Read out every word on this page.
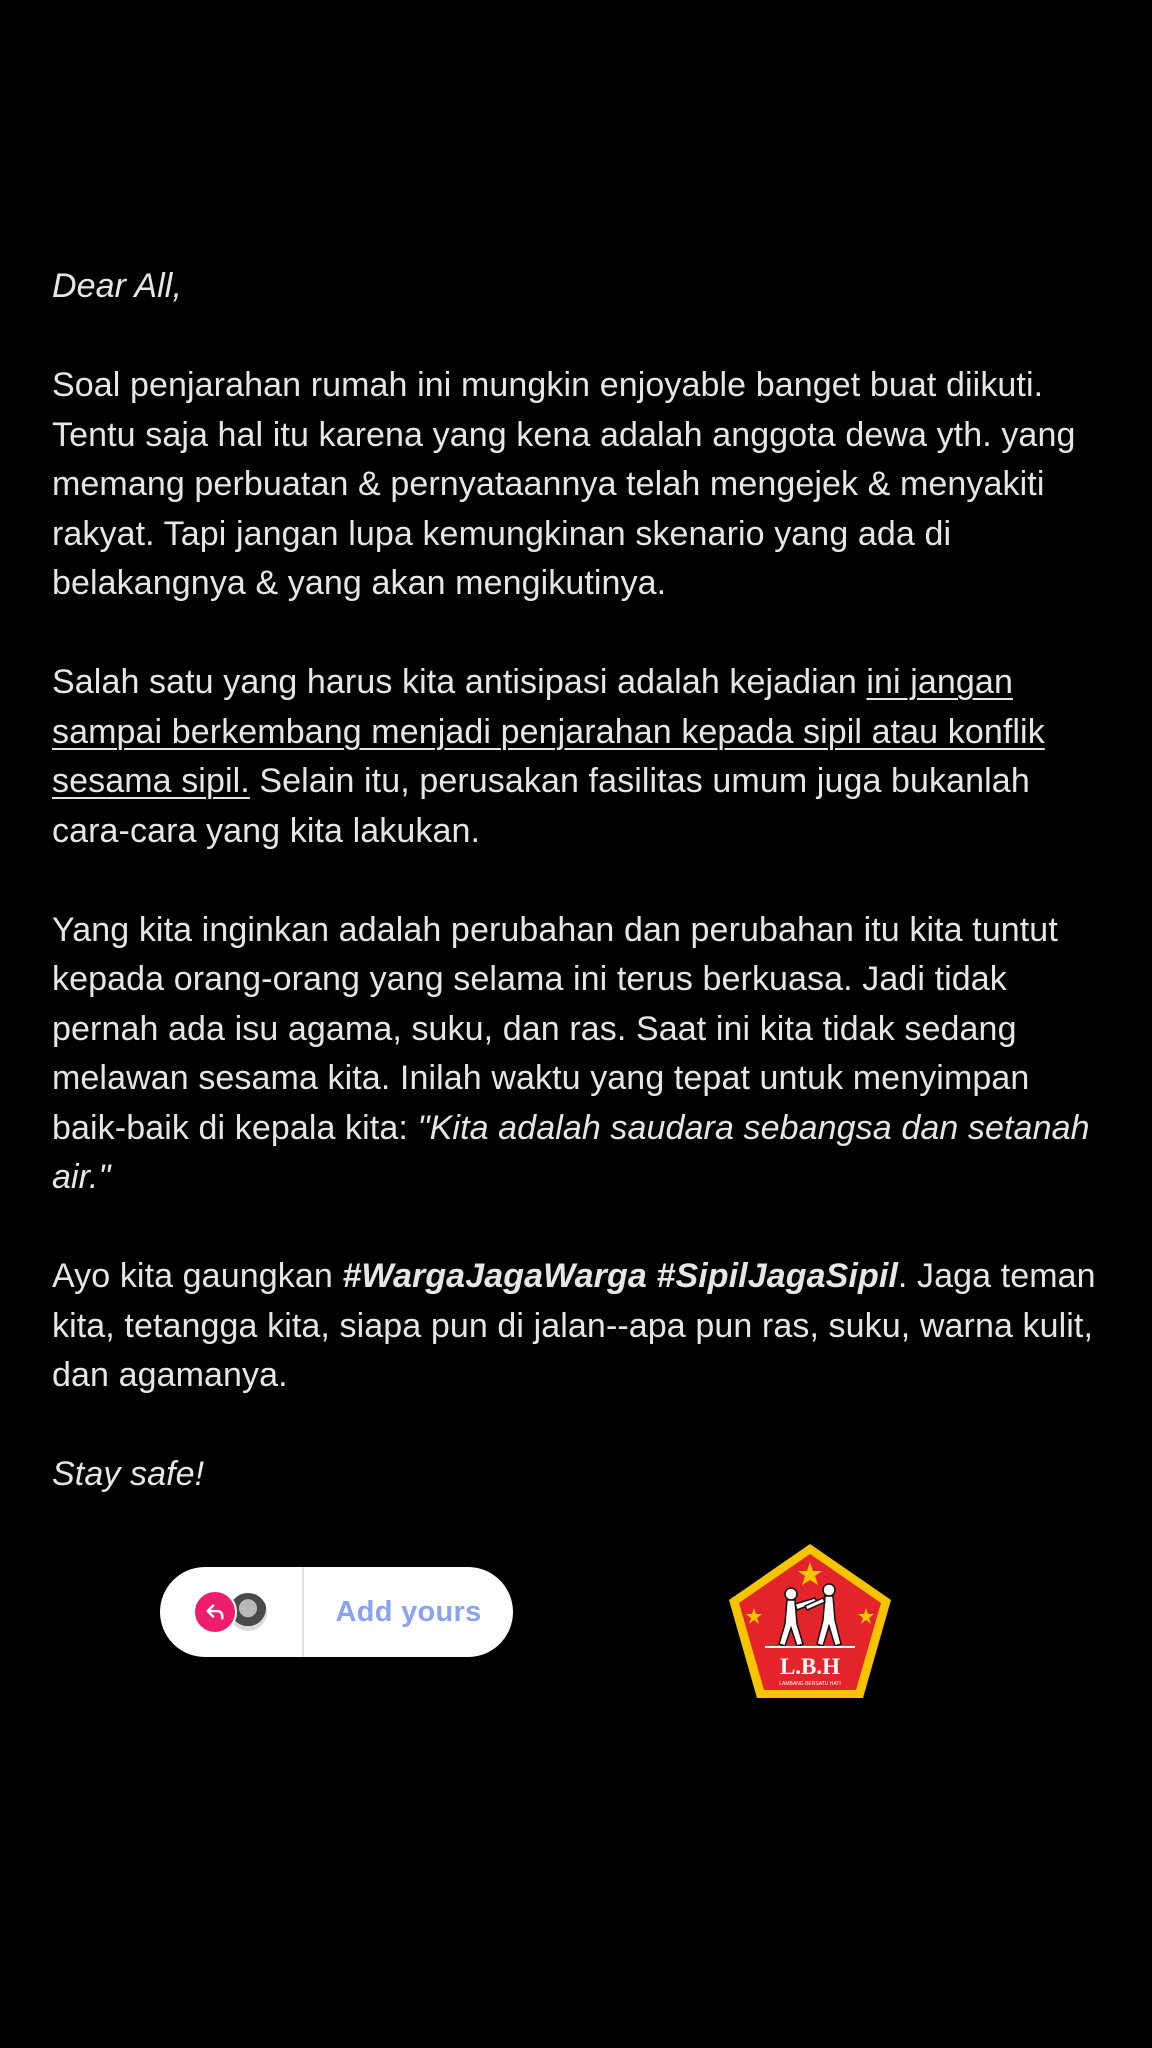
Dear All,

Soal penjarahan rumah ini mungkin enjoyable banget buat diikuti. Tentu saja hal itu karena yang kena adalah anggota dewa yth. yang memang perbuatan & pernyataannya telah mengejek & menyakiti rakyat. Tapi jangan lupa kemungkinan skenario yang ada di belakangnya & yang akan mengikutinya.

Salah satu yang harus kita antisipasi adalah kejadian ini jangan sampai berkembang menjadi penjarahan kepada sipil atau konflik sesama sipil. Selain itu, perusakan fasilitas umum juga bukanlah cara-cara yang kita lakukan.

Yang kita inginkan adalah perubahan dan perubahan itu kita tuntut kepada orang-orang yang selama ini terus berkuasa. Jadi tidak pernah ada isu agama, suku, dan ras. Saat ini kita tidak sedang melawan sesama kita. Inilah waktu yang tepat untuk menyimpan baik-baik di kepala kita: "Kita adalah saudara sebangsa dan setanah air."

Ayo kita gaungkan #WargaJagaWarga #SipilJagaSipil. Jaga teman kita, tetangga kita, siapa pun di jalan--apa pun ras, suku, warna kulit, dan agamanya.

Stay safe!

Add yours
L.B.H
LAMBANG BERSATU HATI
